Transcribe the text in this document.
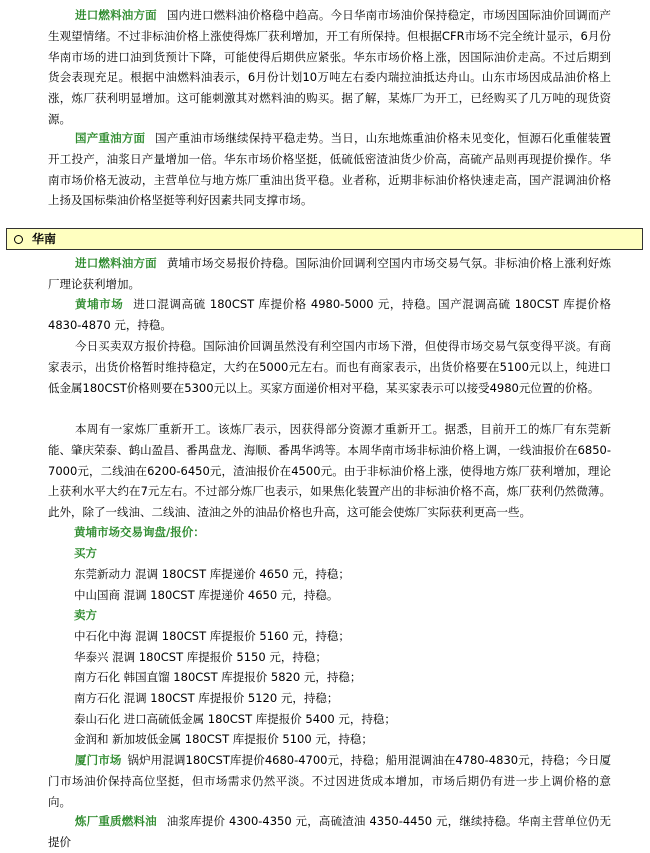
进口燃料油方面 国内进口燃料油价格稳中趋高。今日华南市场油价保持稳定，市场因国际油价回调而产生观望情绪。不过非标油价格上涨使得炼厂获利增加，开工有所保持。但根据CFR市场不完全统计显示，6月份华南市场的进口油到货预计下降，可能使得后期供应紧张。华东市场价格上涨，因国际油价走高。不过后期到货会表现充足。根据中油燃料油表示，6月份计划10万吨左右委内瑞拉油抵达舟山。山东市场因成品油价格上涨，炼厂获利明显增加。这可能刺激其对燃料油的购买。据了解，某炼厂为开工，已经购买了几万吨的现货资源。

国产重油方面 国产重油市场继续保持平稳走势。当日，山东地炼重油价格未见变化，恒源石化重催装置开工投产，油浆日产量增加一倍。华东市场价格坚挺，低硫低密渣油货少价高，高硫产品则再现提价操作。华南市场价格无波动，主营单位与地方炼厂重油出货平稳。业者称，近期非标油价格快速走高，国产混调油价格上扬及国标柴油价格坚挺等利好因素共同支撑市场。

华南

进口燃料油方面 黄埔市场交易报价持稳。国际油价回调利空国内市场交易气氛。非标油价格上涨利好炼厂理论获利增加。

黄埔市场 进口混调高硫 180CST 库提价格 4980-5000 元，持稳。国产混调高硫 180CST 库提价格 4830-4870 元，持稳。

今日买卖双方报价持稳。国际油价回调虽然没有利空国内市场下滑，但使得市场交易气氛变得平淡。有商家表示，出货价格暂时维持稳定，大约在5000元左右。而也有商家表示，出货价格要在5100元以上，纯进口低金属180CST价格则要在5300元以上。买家方面递价相对平稳，某买家表示可以接受4980元位置的价格。

本周有一家炼厂重新开工。该炼厂表示，因获得部分资源才重新开工。据悉，目前开工的炼厂有东莞新能、肇庆荣泰、鹤山盈昌、番禺盘龙、海顺、番禺华鸿等。本周华南市场非标油价格上调，一线油报价在6850-7000元，二线油在6200-6450元，渣油报价在4500元。由于非标油价格上涨，使得地方炼厂获利增加，理论上获利水平大约在7元左右。不过部分炼厂也表示，如果焦化装置产出的非标油价格不高，炼厂获利仍然微薄。此外，除了一线油、二线油、渣油之外的油品价格也升高，这可能会使炼厂实际获利更高一些。

黄埔市场交易询盘/报价：

买方

东莞新动力 混调 180CST 库提递价 4650 元，持稳；

中山国商 混调 180CST 库提递价 4650 元，持稳。

卖方

中石化中海 混调 180CST 库提报价 5160 元，持稳；

华泰兴 混调 180CST 库提报价 5150 元，持稳；

南方石化 韩国直馏 180CST 库提报价 5820 元，持稳；

南方石化 混调 180CST 库提报价 5120 元，持稳；

泰山石化 进口高硫低金属 180CST 库提报价 5400 元，持稳；

金润和 新加坡低金属 180CST 库提报价 5100 元，持稳；

厦门市场 锅炉用混调180CST库提价4680-4700元，持稳；船用混调油在4780-4830元，持稳；今日厦门市场油价保持高位坚挺，但市场需求仍然平淡。不过因进货成本增加，市场后期仍有进一步上调价格的意向。

炼厂重质燃料油 油浆库提价 4300-4350 元，高硫渣油 4350-4450 元，继续持稳。华南主营单位仍无提价
